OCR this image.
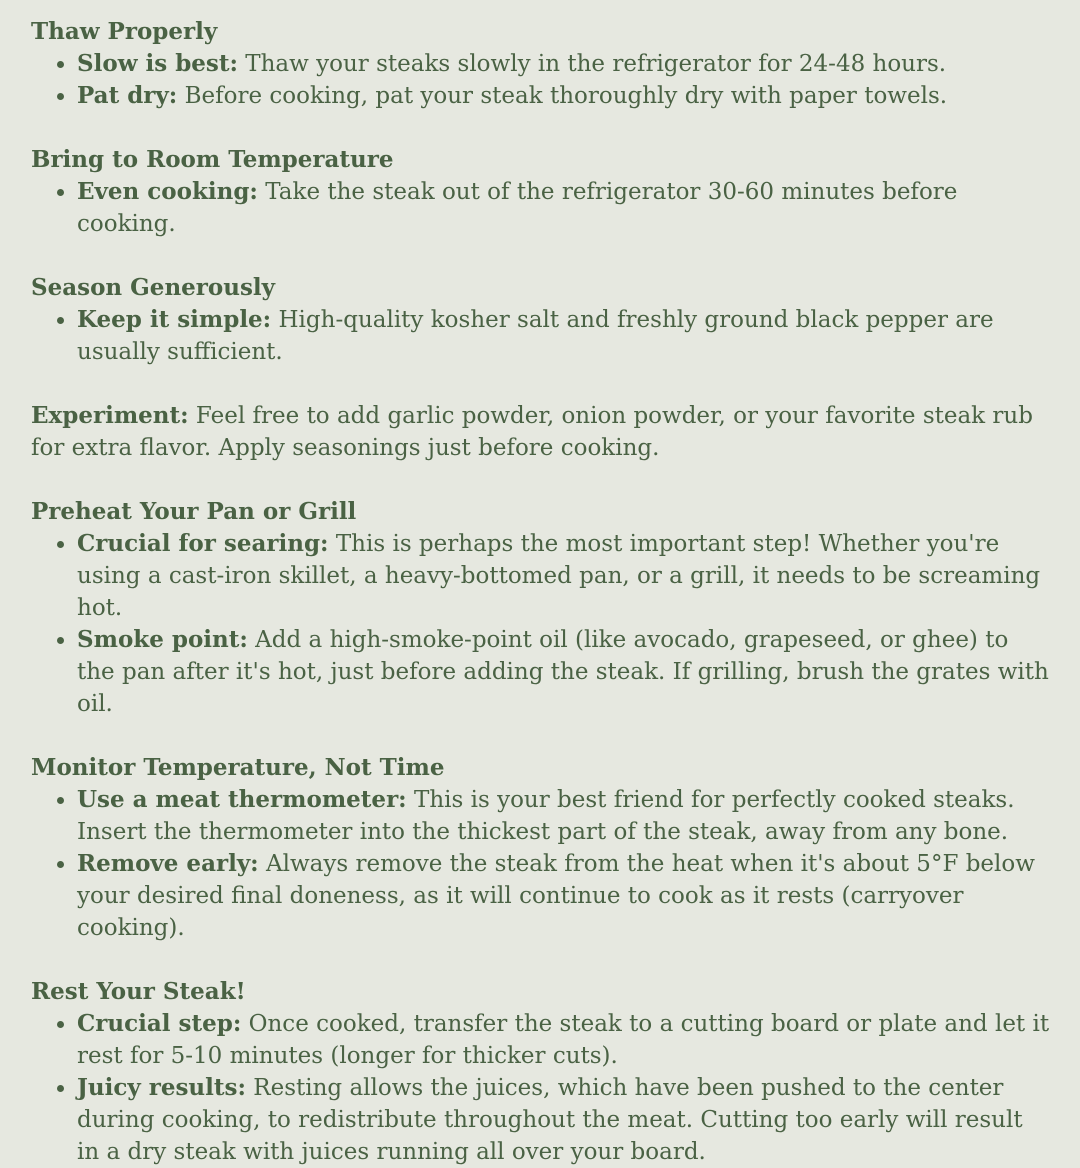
Thaw Properly
Slow is best: Thaw your steaks slowly in the refrigerator for 24-48 hours.
Pat dry: Before cooking, pat your steak thoroughly dry with paper towels.
Bring to Room Temperature
Even cooking: Take the steak out of the refrigerator 30-60 minutes before cooking.
Season Generously
Keep it simple: High-quality kosher salt and freshly ground black pepper are usually sufficient.

Experiment: Feel free to add garlic powder, onion powder, or your favorite steak rub for extra flavor. Apply seasonings just before cooking.

Preheat Your Pan or Grill
Crucial for searing: This is perhaps the most important step! Whether you're using a cast-iron skillet, a heavy-bottomed pan, or a grill, it needs to be screaming hot.
Smoke point: Add a high-smoke-point oil (like avocado, grapeseed, or ghee) to the pan after it's hot, just before adding the steak. If grilling, brush the grates with oil.
Monitor Temperature, Not Time
Use a meat thermometer: This is your best friend for perfectly cooked steaks. Insert the thermometer into the thickest part of the steak, away from any bone.
Remove early: Always remove the steak from the heat when it's about 5°F below your desired final doneness, as it will continue to cook as it rests (carryover cooking).
Rest Your Steak!
Crucial step: Once cooked, transfer the steak to a cutting board or plate and let it rest for 5-10 minutes (longer for thicker cuts).
Juicy results: Resting allows the juices, which have been pushed to the center during cooking, to redistribute throughout the meat. Cutting too early will result in a dry steak with juices running all over your board.
